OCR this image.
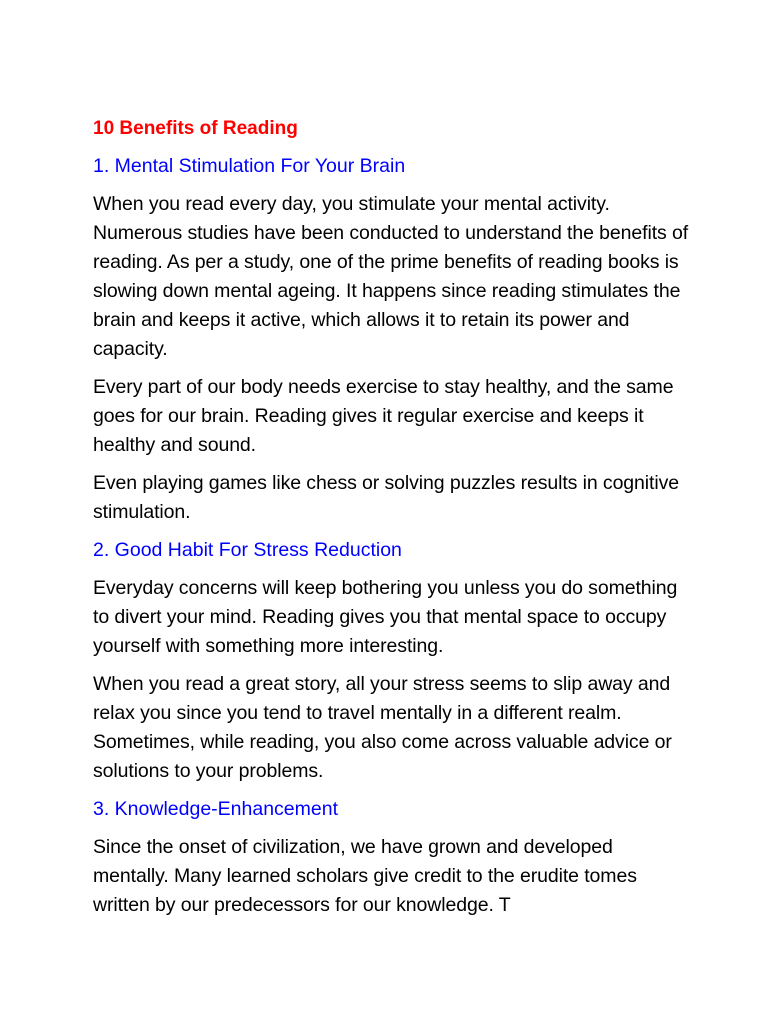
10 Benefits of Reading
1. Mental Stimulation For Your Brain

When you read every day, you stimulate your mental activity. Numerous studies have been conducted to understand the benefits of reading. As per a study, one of the prime benefits of reading books is slowing down mental ageing. It happens since reading stimulates the brain and keeps it active, which allows it to retain its power and capacity.

Every part of our body needs exercise to stay healthy, and the same goes for our brain. Reading gives it regular exercise and keeps it healthy and sound.

Even playing games like chess or solving puzzles results in cognitive stimulation.

2. Good Habit For Stress Reduction

Everyday concerns will keep bothering you unless you do something to divert your mind. Reading gives you that mental space to occupy yourself with something more interesting.

When you read a great story, all your stress seems to slip away and relax you since you tend to travel mentally in a different realm. Sometimes, while reading, you also come across valuable advice or solutions to your problems.

3. Knowledge-Enhancement

Since the onset of civilization, we have grown and developed mentally. Many learned scholars give credit to the erudite tomes written by our predecessors for our knowledge. T
